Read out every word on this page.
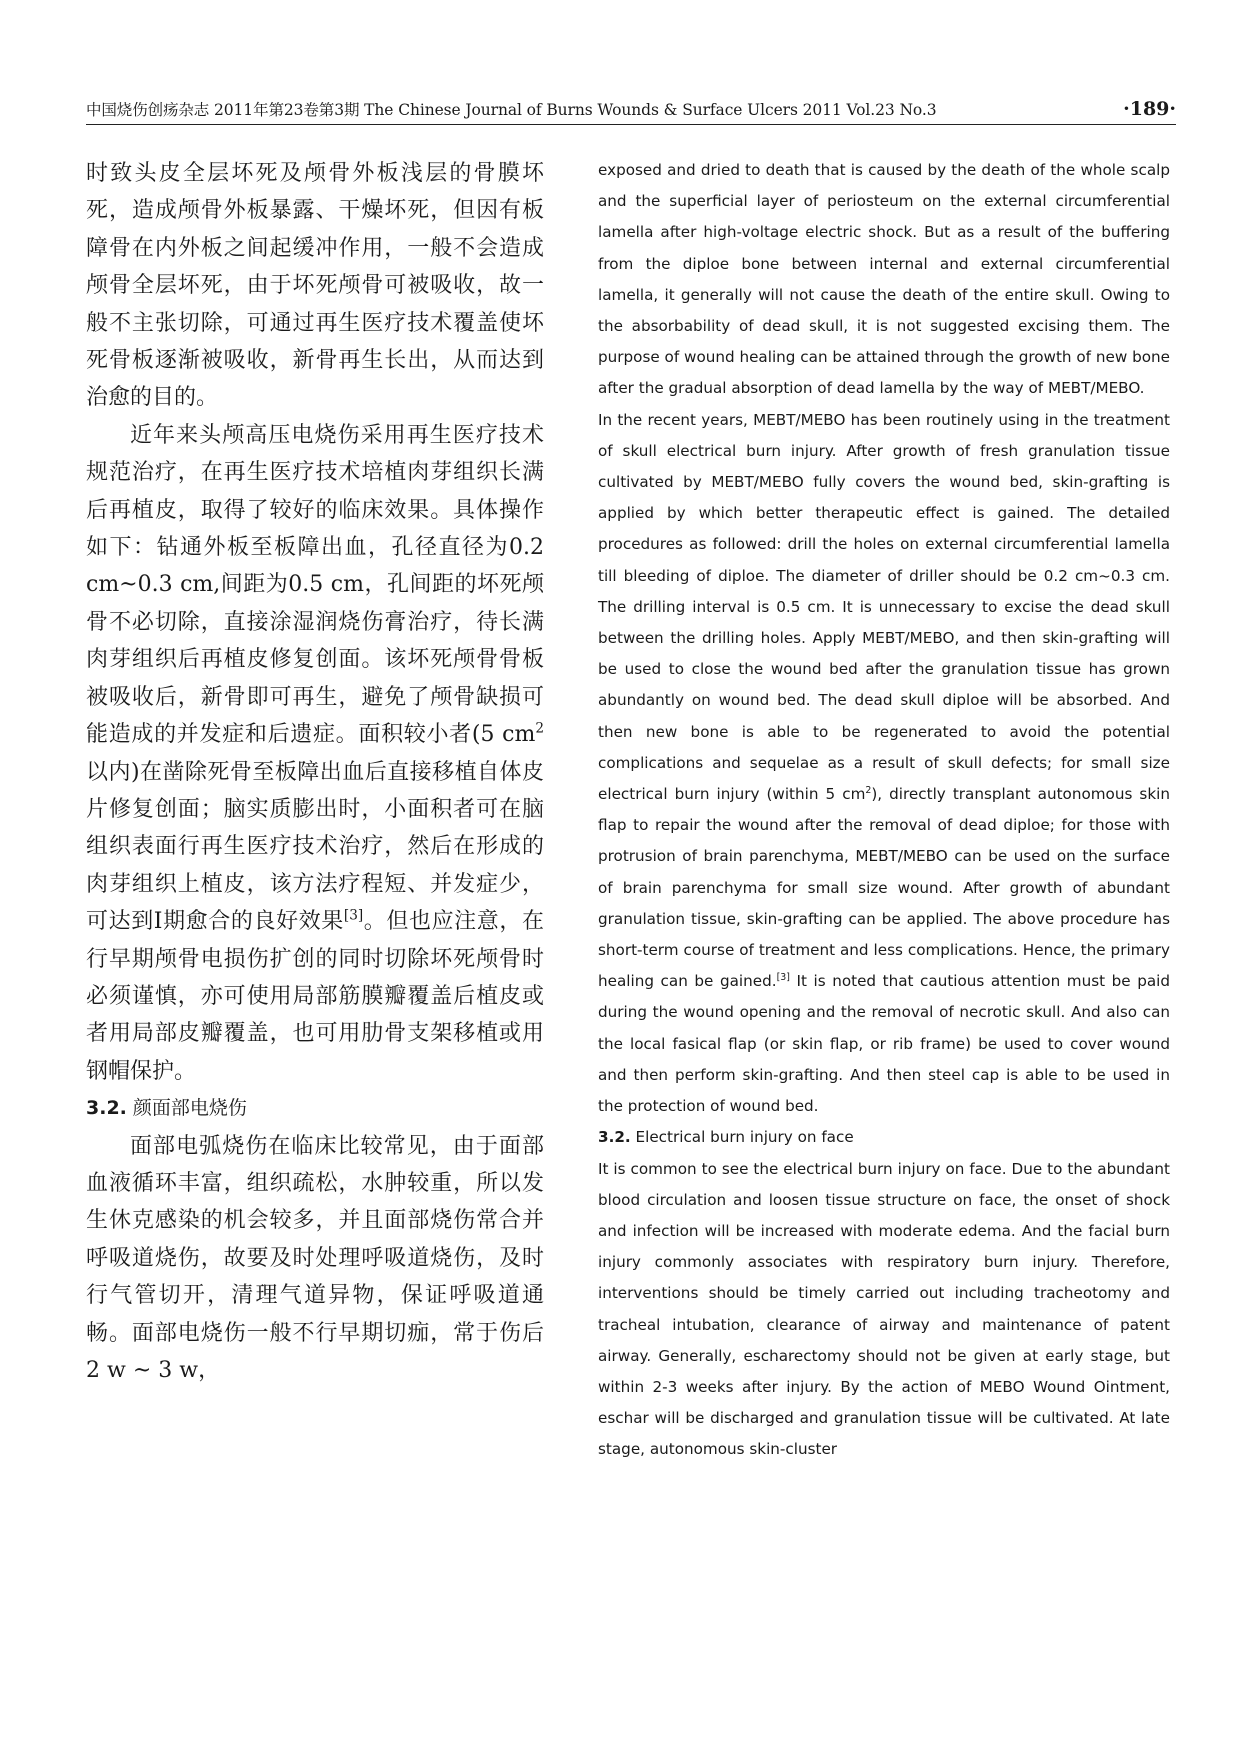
中国烧伤创疡杂志 2011年第23卷第3期 The Chinese Journal of Burns Wounds & Surface Ulcers 2011 Vol.23 No.3	·189·

时致头皮全层坏死及颅骨外板浅层的骨膜坏死，造成颅骨外板暴露、干燥坏死，但因有板障骨在内外板之间起缓冲作用，一般不会造成颅骨全层坏死，由于坏死颅骨可被吸收，故一般不主张切除，可通过再生医疗技术覆盖使坏死骨板逐渐被吸收，新骨再生长出，从而达到治愈的目的。

近年来头颅高压电烧伤采用再生医疗技术规范治疗，在再生医疗技术培植肉芽组织长满后再植皮，取得了较好的临床效果。具体操作如下：钻通外板至板障出血，孔径直径为0.2 cm~0.3 cm,间距为0.5 cm，孔间距的坏死颅骨不必切除，直接涂湿润烧伤膏治疗，待长满肉芽组织后再植皮修复创面。该坏死颅骨骨板被吸收后，新骨即可再生，避免了颅骨缺损可能造成的并发症和后遗症。面积较小者(5 $cm^2$以内)在凿除死骨至板障出血后直接移植自体皮片修复创面；脑实质膨出时，小面积者可在脑组织表面行再生医疗技术治疗，然后在形成的肉芽组织上植皮，该方法疗程短、并发症少，可达到Ⅰ期愈合的良好效果[3]。但也应注意，在行早期颅骨电损伤扩创的同时切除坏死颅骨时必须谨慎，亦可使用局部筋膜瓣覆盖后植皮或者用局部皮瓣覆盖，也可用肋骨支架移植或用钢帽保护。

3.2. 颜面部电烧伤

面部电弧烧伤在临床比较常见，由于面部血液循环丰富，组织疏松，水肿较重，所以发生休克感染的机会较多，并且面部烧伤常合并呼吸道烧伤，故要及时处理呼吸道烧伤，及时行气管切开，清理气道异物，保证呼吸道通畅。面部电烧伤一般不行早期切痂，常于伤后 2 w ~ 3 w，

exposed and dried to death that is caused by the death of the whole scalp and the superficial layer of periosteum on the external circumferential lamella after high-voltage electric shock. But as a result of the buffering from the diploe bone between internal and external circumferential lamella, it generally will not cause the death of the entire skull. Owing to the absorbability of dead skull, it is not suggested excising them. The purpose of wound healing can be attained through the growth of new bone after the gradual absorption of dead lamella by the way of MEBT/MEBO.

In the recent years, MEBT/MEBO has been routinely using in the treatment of skull electrical burn injury. After growth of fresh granulation tissue cultivated by MEBT/MEBO fully covers the wound bed, skin-grafting is applied by which better therapeutic effect is gained. The detailed procedures as followed: drill the holes on external circumferential lamella till bleeding of diploe. The diameter of driller should be 0.2 cm~0.3 cm. The drilling interval is 0.5 cm. It is unnecessary to excise the dead skull between the drilling holes. Apply MEBT/MEBO, and then skin-grafting will be used to close the wound bed after the granulation tissue has grown abundantly on wound bed. The dead skull diploe will be absorbed. And then new bone is able to be regenerated to avoid the potential complications and sequelae as a result of skull defects; for small size electrical burn injury (within 5 $cm^2$), directly transplant autonomous skin flap to repair the wound after the removal of dead diploe; for those with protrusion of brain parenchyma, MEBT/MEBO can be used on the surface of brain parenchyma for small size wound. After growth of abundant granulation tissue, skin-grafting can be applied. The above procedure has short-term course of treatment and less complications. Hence, the primary healing can be gained.[3] It is noted that cautious attention must be paid during the wound opening and the removal of necrotic skull. And also can the local fasical flap (or skin flap, or rib frame) be used to cover wound and then perform skin-grafting. And then steel cap is able to be used in the protection of wound bed.

3.2. Electrical burn injury on face

It is common to see the electrical burn injury on face. Due to the abundant blood circulation and loosen tissue structure on face, the onset of shock and infection will be increased with moderate edema. And the facial burn injury commonly associates with respiratory burn injury. Therefore, interventions should be timely carried out including tracheotomy and tracheal intubation, clearance of airway and maintenance of patent airway. Generally, escharectomy should not be given at early stage, but within 2-3 weeks after injury. By the action of MEBO Wound Ointment, eschar will be discharged and granulation tissue will be cultivated. At late stage, autonomous skin-cluster
